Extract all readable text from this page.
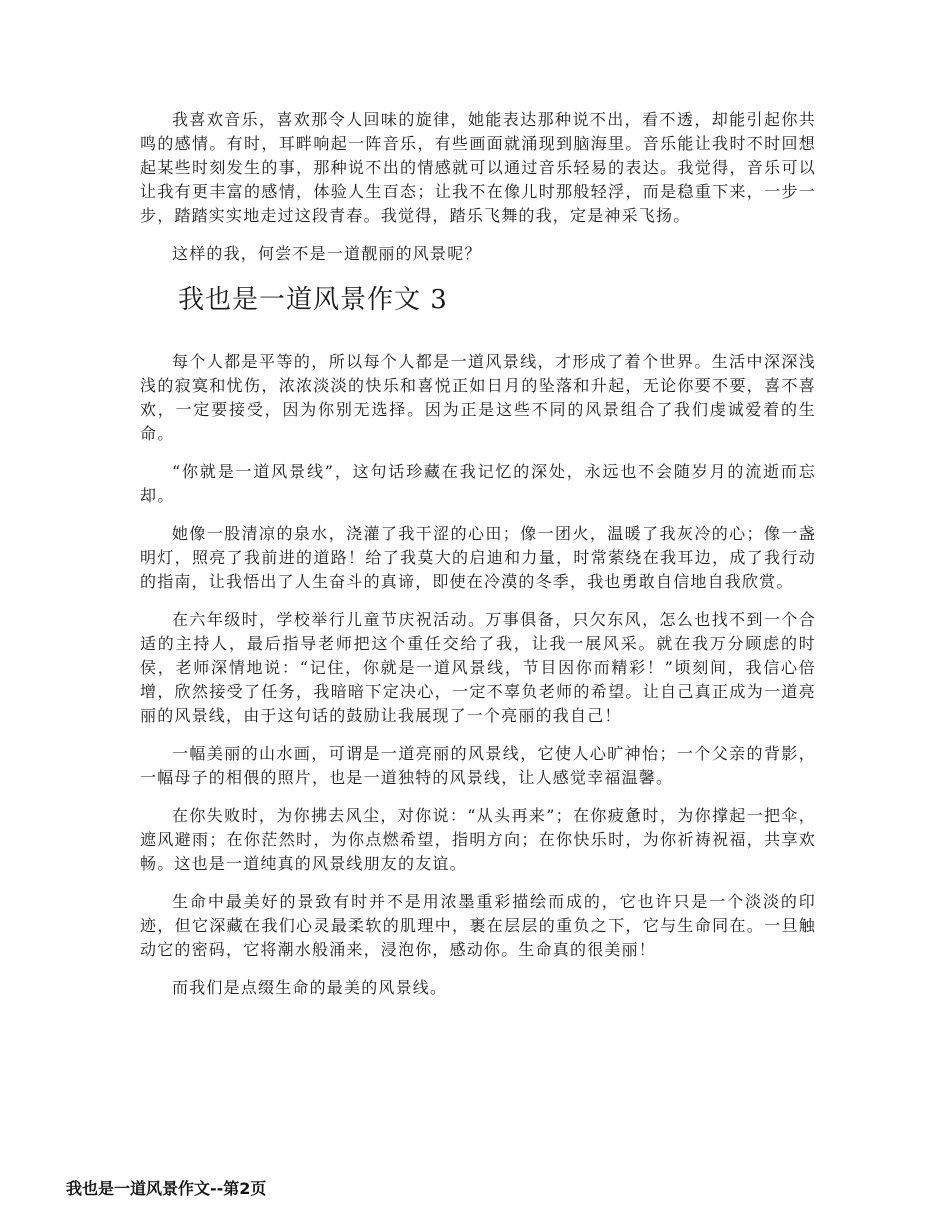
我喜欢音乐，喜欢那令人回味的旋律，她能表达那种说不出，看不透，却能引起你共鸣的感情。有时，耳畔响起一阵音乐，有些画面就涌现到脑海里。音乐能让我时不时回想起某些时刻发生的事，那种说不出的情感就可以通过音乐轻易的表达。我觉得，音乐可以让我有更丰富的感情，体验人生百态；让我不在像儿时那般轻浮，而是稳重下来，一步一步，踏踏实实地走过这段青春。我觉得，踏乐飞舞的我，定是神采飞扬。

这样的我，何尝不是一道靓丽的风景呢？

我也是一道风景作文 3

每个人都是平等的，所以每个人都是一道风景线，才形成了着个世界。生活中深深浅浅的寂寞和忧伤，浓浓淡淡的快乐和喜悦正如日月的坠落和升起，无论你要不要，喜不喜欢，一定要接受，因为你别无选择。因为正是这些不同的风景组合了我们虔诚爱着的生命。

“你就是一道风景线”，这句话珍藏在我记忆的深处，永远也不会随岁月的流逝而忘却。

她像一股清凉的泉水，浇灌了我干涩的心田；像一团火，温暖了我灰冷的心；像一盏明灯，照亮了我前进的道路！给了我莫大的启迪和力量，时常萦绕在我耳边，成了我行动的指南，让我悟出了人生奋斗的真谛，即使在冷漠的冬季，我也勇敢自信地自我欣赏。

在六年级时，学校举行儿童节庆祝活动。万事俱备，只欠东风，怎么也找不到一个合适的主持人，最后指导老师把这个重任交给了我，让我一展风采。就在我万分顾虑的时侯，老师深情地说：“记住，你就是一道风景线，节目因你而精彩！”顷刻间，我信心倍增，欣然接受了任务，我暗暗下定决心，一定不辜负老师的希望。让自己真正成为一道亮丽的风景线，由于这句话的鼓励让我展现了一个亮丽的我自己！

一幅美丽的山水画，可谓是一道亮丽的风景线，它使人心旷神怡；一个父亲的背影，一幅母子的相偎的照片，也是一道独特的风景线，让人感觉幸福温馨。

在你失败时，为你拂去风尘，对你说：“从头再来”；在你疲惫时，为你撑起一把伞，遮风避雨；在你茫然时，为你点燃希望，指明方向；在你快乐时，为你祈祷祝福，共享欢畅。这也是一道纯真的风景线朋友的友谊。

生命中最美好的景致有时并不是用浓墨重彩描绘而成的，它也许只是一个淡淡的印迹，但它深藏在我们心灵最柔软的肌理中，裹在层层的重负之下，它与生命同在。一旦触动它的密码，它将潮水般涌来，浸泡你，感动你。生命真的很美丽！

而我们是点缀生命的最美的风景线。

我也是一道风景作文--第2页
